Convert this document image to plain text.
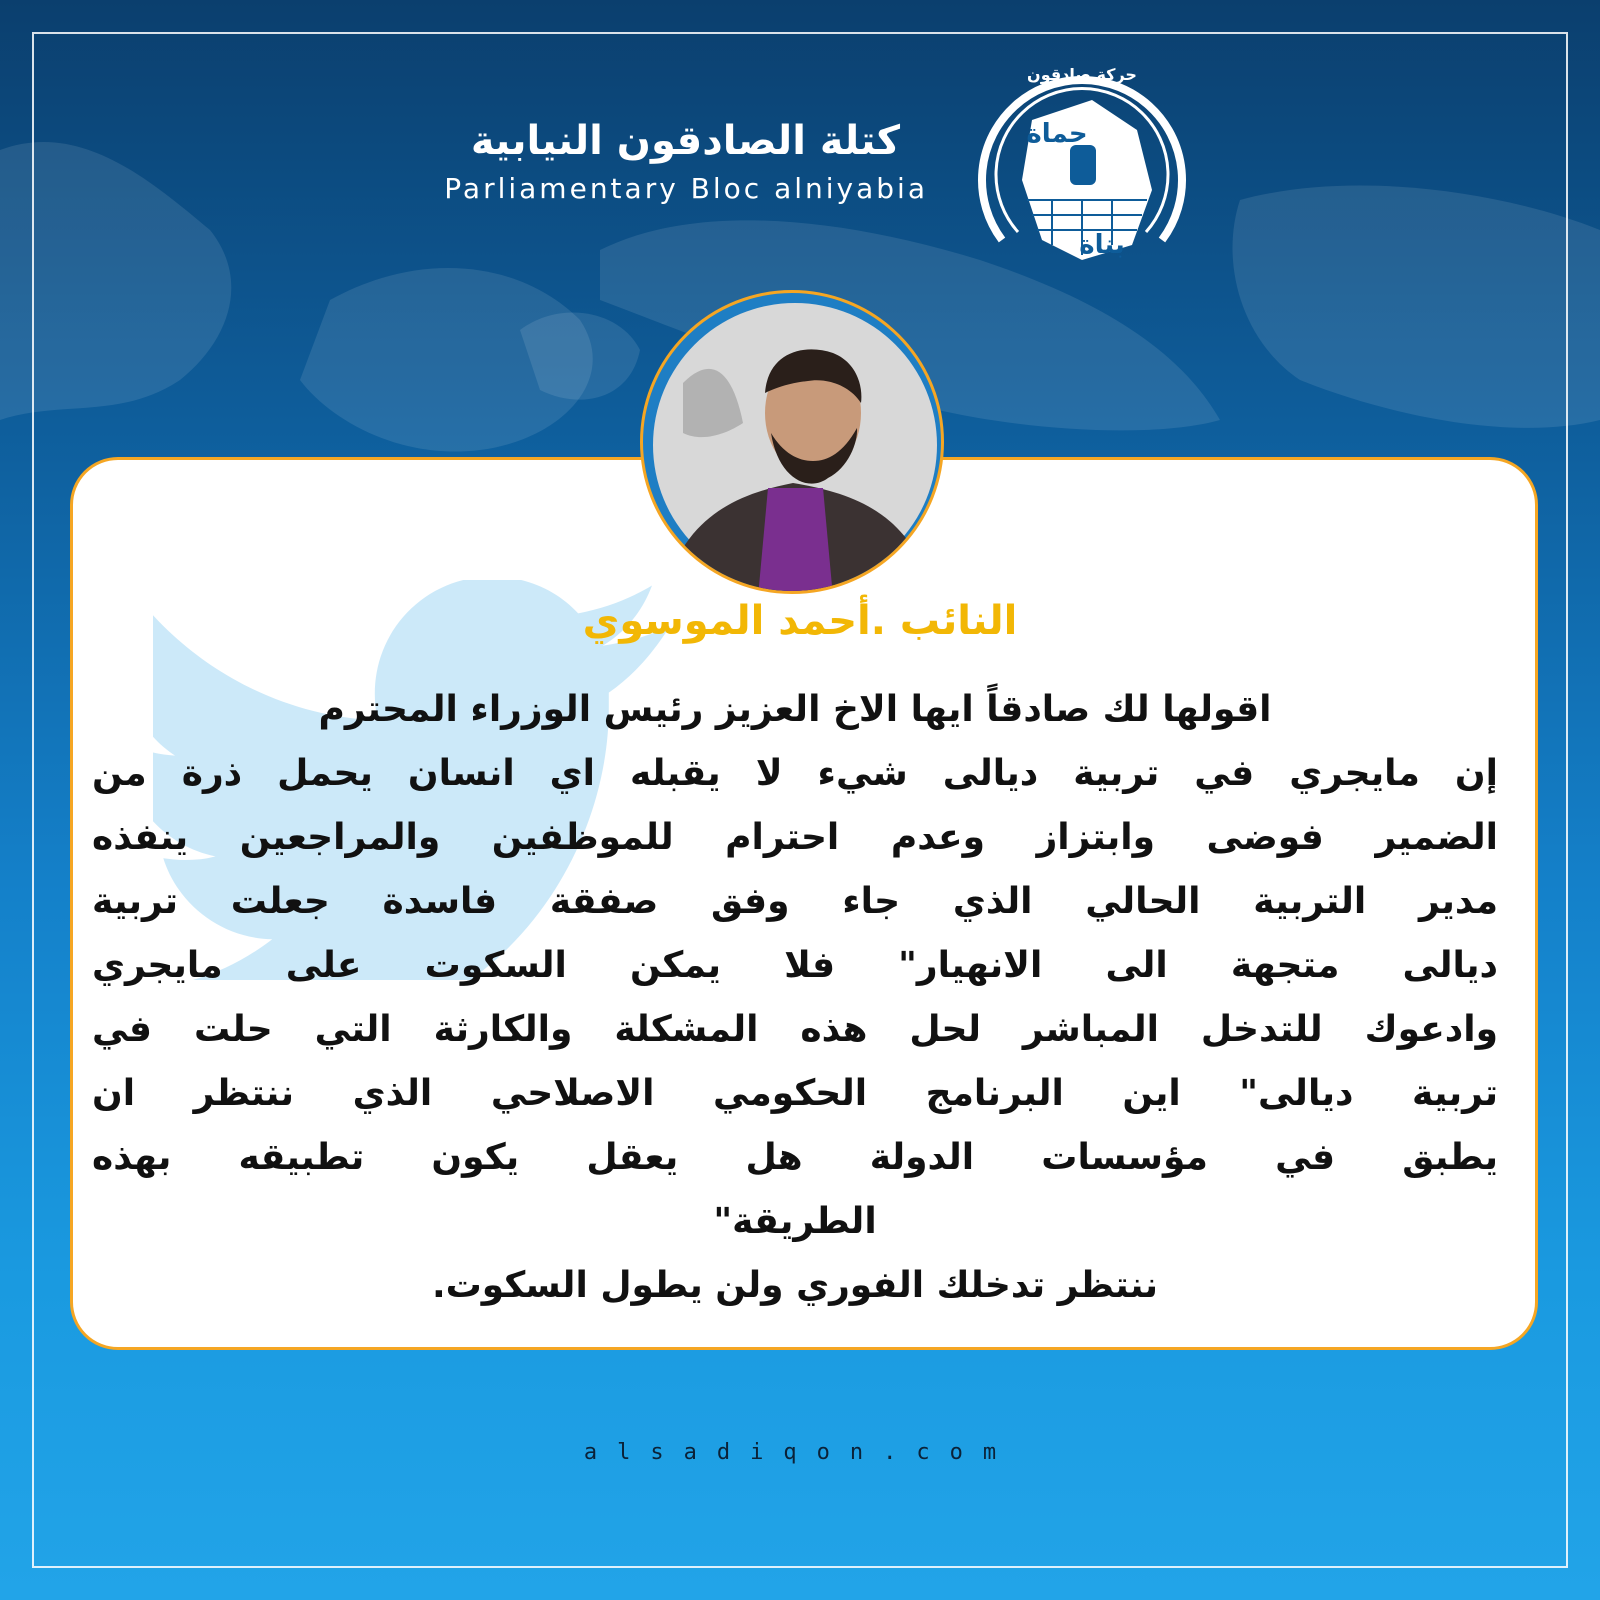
كتلة الصادقون النيابية
Parliamentary Bloc alniyabia
حركة صادقون
حماة
بناة
النائب .أحمد الموسوي
اقولها لك صادقاً ايها الاخ العزيز رئيس الوزراء المحترم
إن مايجري في تربية ديالى شيء لا يقبله اي انسان يحمل ذرة من
الضمير فوضى وابتزاز وعدم احترام للموظفين والمراجعين ينفذه
مدير التربية الحالي الذي جاء وفق صفقة فاسدة جعلت تربية
ديالى متجهة الى الانهيار" فلا يمكن السكوت على مايجري
وادعوك للتدخل المباشر لحل هذه المشكلة والكارثة التي حلت في
تربية ديالى" اين البرنامج الحكومي الاصلاحي الذي ننتظر ان
يطبق في مؤسسات الدولة هل يعقل يكون تطبيقه بهذه
الطريقة"
ننتظر تدخلك الفوري ولن يطول السكوت.
alsadiqon.com
